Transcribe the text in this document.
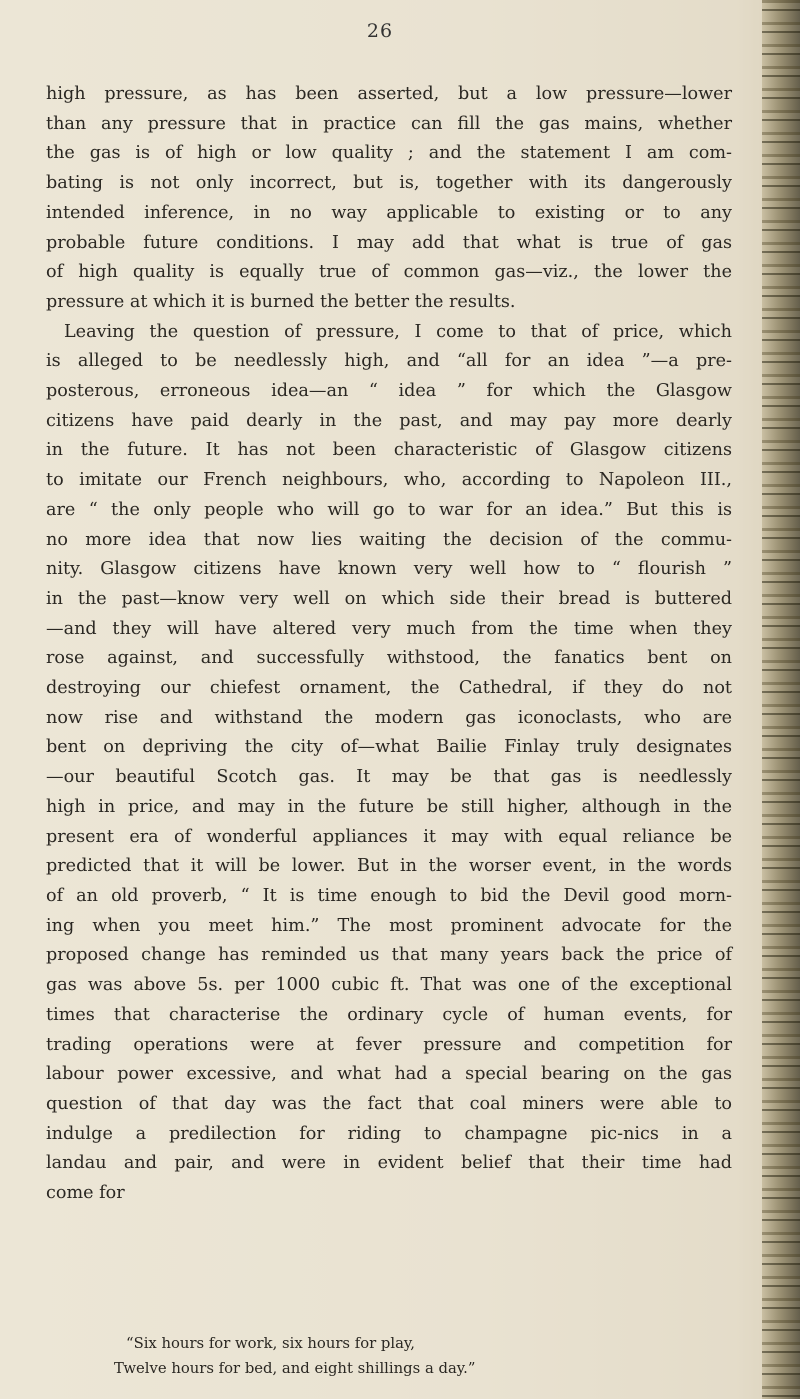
26
high pressure, as has been asserted, but a low pressure—lower
than any pressure that in practice can fill the gas mains, whether
the gas is of high or low quality ; and the statement I am com-
bating is not only incorrect, but is, together with its dangerously
intended inference, in no way applicable to existing or to any
probable future conditions. I may add that what is true of gas
of high quality is equally true of common gas—viz., the lower the
pressure at which it is burned the better the results.
Leaving the question of pressure, I come to that of price, which
is alleged to be needlessly high, and “all for an idea ”—a pre-
posterous, erroneous idea—an “ idea ” for which the Glasgow
citizens have paid dearly in the past, and may pay more dearly
in the future. It has not been characteristic of Glasgow citizens
to imitate our French neighbours, who, according to Napoleon III.,
are “ the only people who will go to war for an idea.” But this is
no more idea that now lies waiting the decision of the commu-
nity. Glasgow citizens have known very well how to “ flourish ”
in the past—know very well on which side their bread is buttered
—and they will have altered very much from the time when they
rose against, and successfully withstood, the fanatics bent on
destroying our chiefest ornament, the Cathedral, if they do not
now rise and withstand the modern gas iconoclasts, who are
bent on depriving the city of—what Bailie Finlay truly designates
—our beautiful Scotch gas. It may be that gas is needlessly
high in price, and may in the future be still higher, although in the
present era of wonderful appliances it may with equal reliance be
predicted that it will be lower. But in the worser event, in the words
of an old proverb, “ It is time enough to bid the Devil good morn-
ing when you meet him.” The most prominent advocate for the
proposed change has reminded us that many years back the price of
gas was above 5s. per 1000 cubic ft. That was one of the exceptional
times that characterise the ordinary cycle of human events, for
trading operations were at fever pressure and competition for
labour power excessive, and what had a special bearing on the gas
question of that day was the fact that coal miners were able to
indulge a predilection for riding to champagne pic-nics in a
landau and pair, and were in evident belief that their time had
come for
“Six hours for work, six hours for play,
Twelve hours for bed, and eight shillings a day.”
